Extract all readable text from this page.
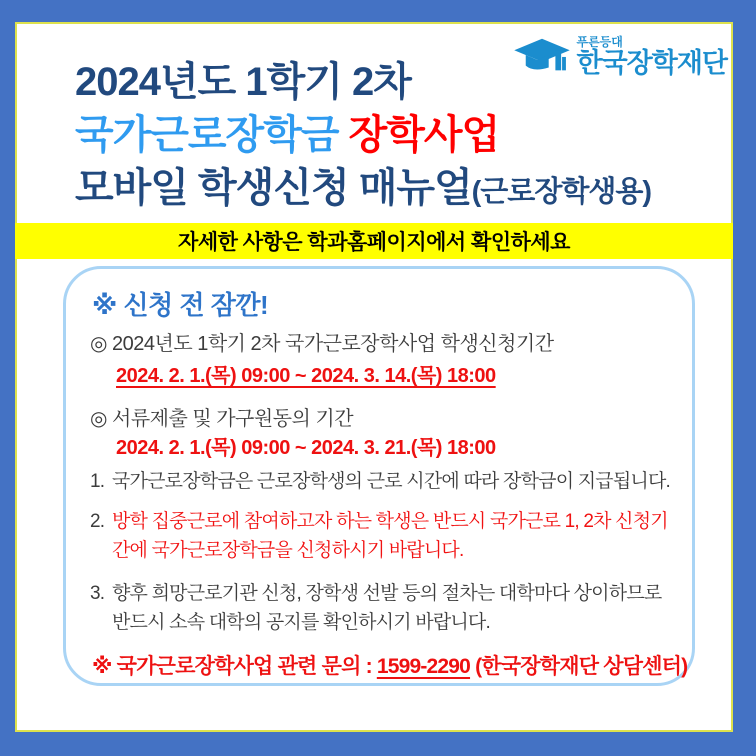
2024년도 1학기 2차
국가근로장학금 장학사업
모바일 학생신청 매뉴얼(근로장학생용)
푸른등대
한국장학재단
자세한 사항은 학과홈페이지에서 확인하세요
※ 신청 전 잠깐!
◎ 2024년도 1학기 2차 국가근로장학사업 학생신청기간
2024. 2. 1.(목) 09:00 ~ 2024. 3. 14.(목) 18:00
◎ 서류제출 및 가구원동의 기간
2024. 2. 1.(목) 09:00 ~ 2024. 3. 21.(목) 18:00
1. 국가근로장학금은 근로장학생의 근로 시간에 따라 장학금이 지급됩니다.
2. 방학 집중근로에 참여하고자 하는 학생은 반드시 국가근로 1, 2차 신청기간에 국가근로장학금을 신청하시기 바랍니다.
3. 향후 희망근로기관 신청, 장학생 선발 등의 절차는 대학마다 상이하므로 반드시 소속 대학의 공지를 확인하시기 바랍니다.
※ 국가근로장학사업 관련 문의 : 1599-2290 (한국장학재단 상담센터)
